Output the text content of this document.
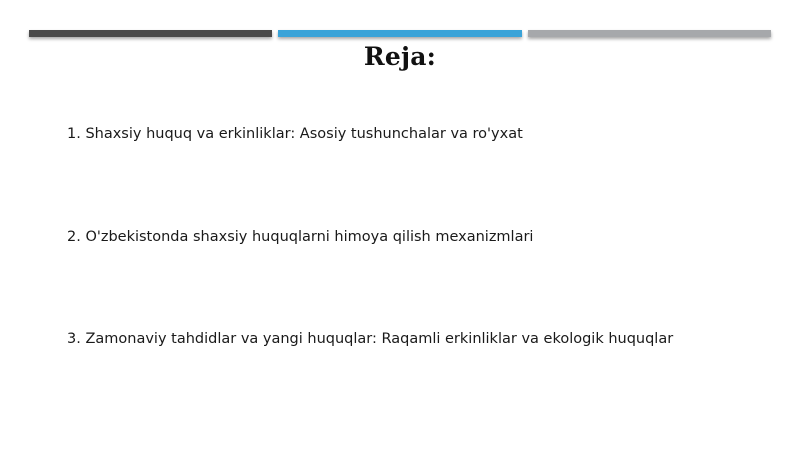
Reja:
1. Shaxsiy huquq va erkinliklar: Asosiy tushunchalar va ro'yxat
2. O'zbekistonda shaxsiy huquqlarni himoya qilish mexanizmlari
3. Zamonaviy tahdidlar va yangi huquqlar: Raqamli erkinliklar va ekologik huquqlar
